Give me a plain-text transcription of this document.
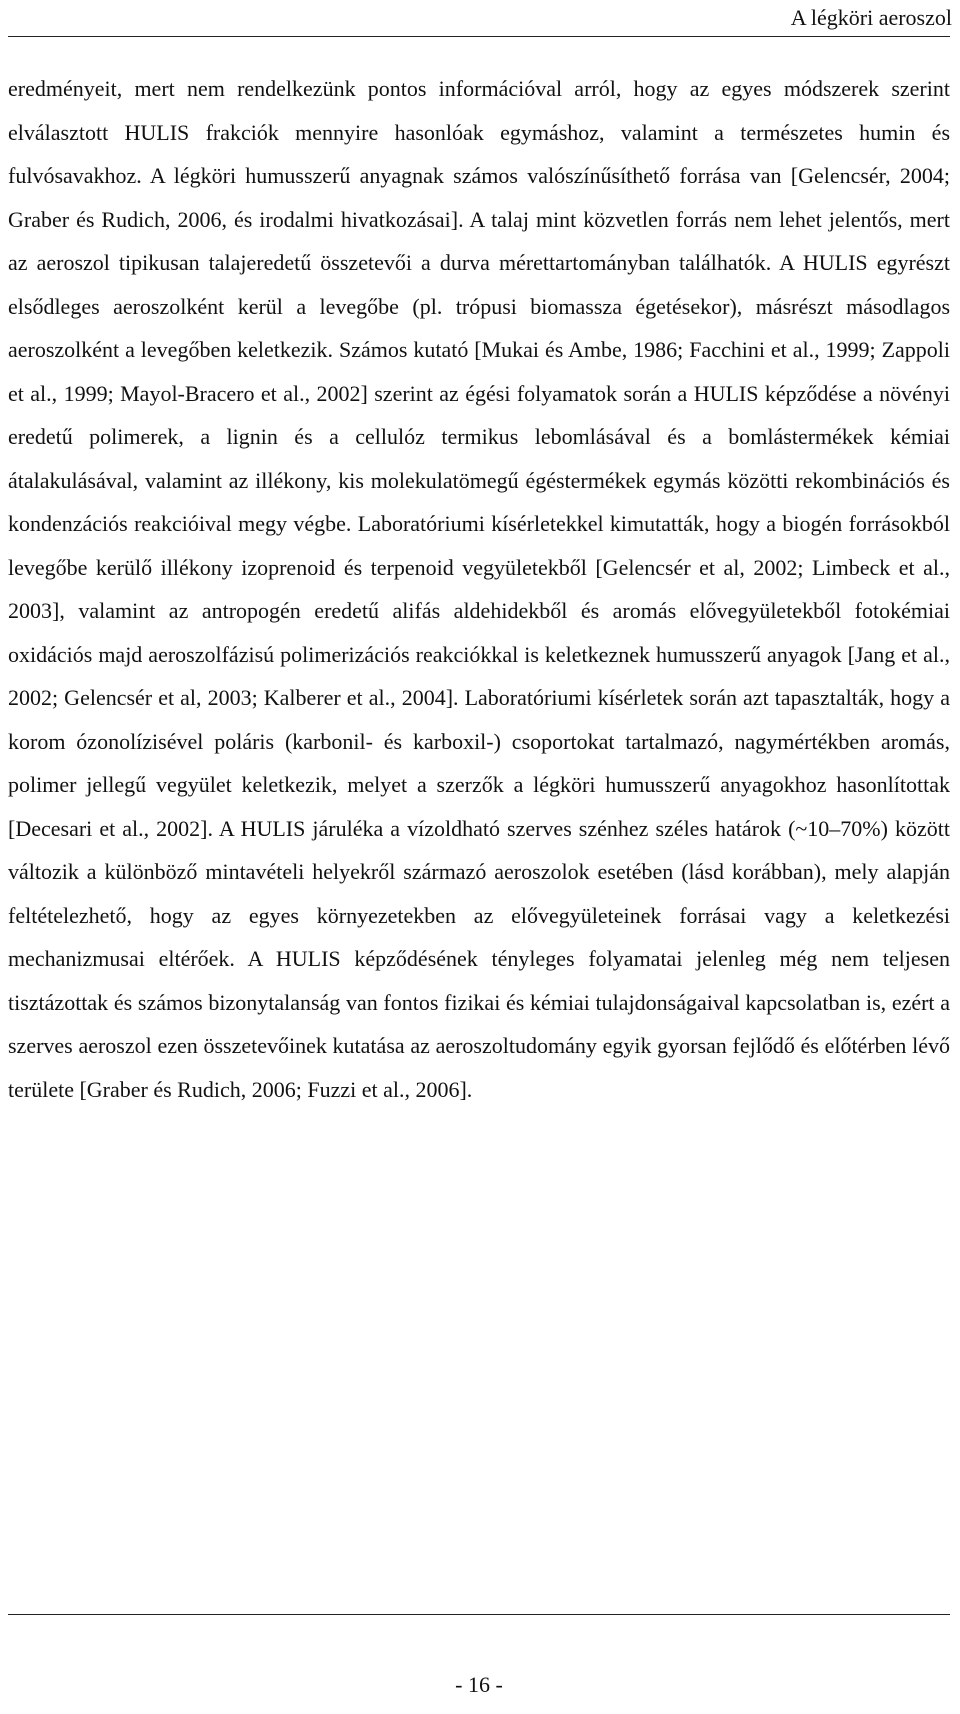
A légköri aeroszol

eredményeit, mert nem rendelkezünk pontos információval arról, hogy az egyes módszerek szerint elválasztott HULIS frakciók mennyire hasonlóak egymáshoz, valamint a természetes humin és fulvósavakhoz. A légköri humusszerű anyagnak számos valószínűsíthető forrása van [Gelencsér, 2004; Graber és Rudich, 2006, és irodalmi hivatkozásai]. A talaj mint közvetlen forrás nem lehet jelentős, mert az aeroszol tipikusan talajeredetű összetevői a durva mérettartományban találhatók. A HULIS egyrészt elsődleges aeroszolként kerül a levegőbe (pl. trópusi biomassza égetésekor), másrészt másodlagos aeroszolként a levegőben keletkezik. Számos kutató [Mukai és Ambe, 1986; Facchini et al., 1999; Zappoli et al., 1999; Mayol-Bracero et al., 2002] szerint az égési folyamatok során a HULIS képződése a növényi eredetű polimerek, a lignin és a cellulóz termikus lebomlásával és a bomlástermékek kémiai átalakulásával, valamint az illékony, kis molekulatömegű égéstermékek egymás közötti rekombinációs és kondenzációs reakcióival megy végbe. Laboratóriumi kísérletekkel kimutatták, hogy a biogén forrásokból levegőbe kerülő illékony izoprenoid és terpenoid vegyületekből [Gelencsér et al, 2002; Limbeck et al., 2003], valamint az antropogén eredetű alifás aldehidekből és aromás elővegyületekből fotokémiai oxidációs majd aeroszolfázisú polimerizációs reakciókkal is keletkeznek humusszerű anyagok [Jang et al., 2002; Gelencsér et al, 2003; Kalberer et al., 2004]. Laboratóriumi kísérletek során azt tapasztalták, hogy a korom ózonolízisével poláris (karbonil- és karboxil-) csoportokat tartalmazó, nagymértékben aromás, polimer jellegű vegyület keletkezik, melyet a szerzők a légköri humusszerű anyagokhoz hasonlítottak [Decesari et al., 2002]. A HULIS járuléka a vízoldható szerves szénhez széles határok (~10–70%) között változik a különböző mintavételi helyekről származó aeroszolok esetében (lásd korábban), mely alapján feltételezhető, hogy az egyes környezetekben az elővegyületeinek forrásai vagy a keletkezési mechanizmusai eltérőek. A HULIS képződésének tényleges folyamatai jelenleg még nem teljesen tisztázottak és számos bizonytalanság van fontos fizikai és kémiai tulajdonságaival kapcsolatban is, ezért a szerves aeroszol ezen összetevőinek kutatása az aeroszoltudomány egyik gyorsan fejlődő és előtérben lévő területe [Graber és Rudich, 2006; Fuzzi et al., 2006].

- 16 -
